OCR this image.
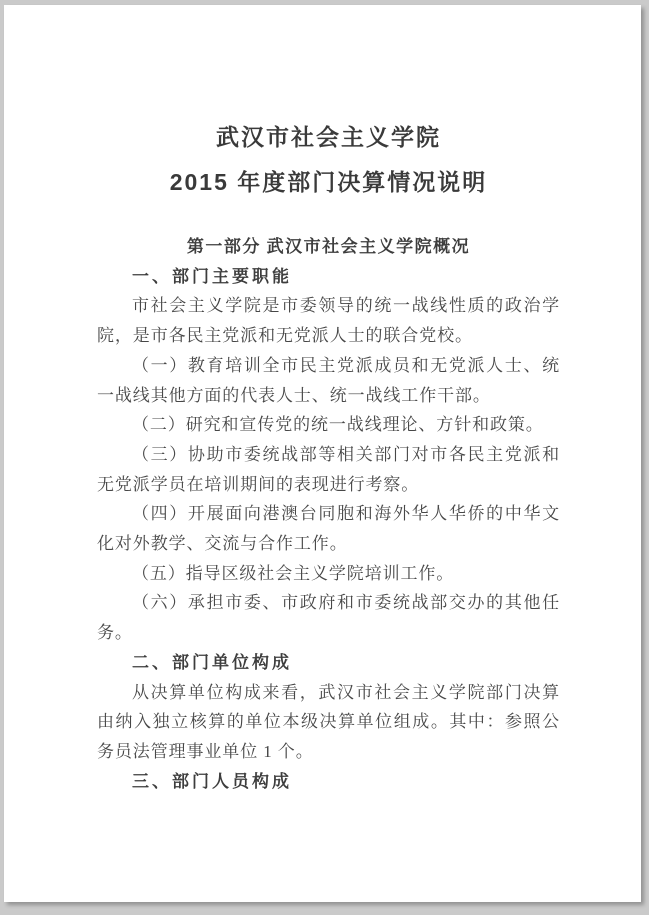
武汉市社会主义学院
2015 年度部门决算情况说明
第一部分 武汉市社会主义学院概况

一、部门主要职能

市社会主义学院是市委领导的统一战线性质的政治学院，是市各民主党派和无党派人士的联合党校。

（一）教育培训全市民主党派成员和无党派人士、统一战线其他方面的代表人士、统一战线工作干部。

（二）研究和宣传党的统一战线理论、方针和政策。

（三）协助市委统战部等相关部门对市各民主党派和无党派学员在培训期间的表现进行考察。

（四）开展面向港澳台同胞和海外华人华侨的中华文化对外教学、交流与合作工作。

（五）指导区级社会主义学院培训工作。

（六）承担市委、市政府和市委统战部交办的其他任务。

二、部门单位构成

从决算单位构成来看，武汉市社会主义学院部门决算由纳入独立核算的单位本级决算单位组成。其中：参照公务员法管理事业单位 1 个。

三、部门人员构成
